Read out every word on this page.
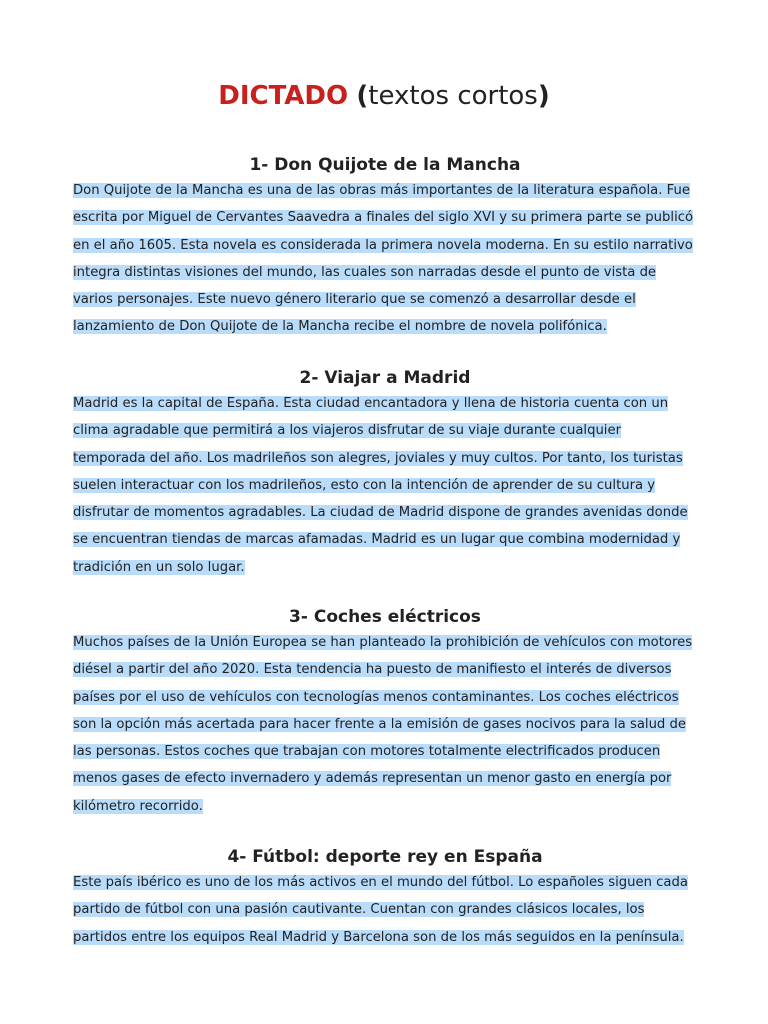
DICTADO (textos cortos)
1- Don Quijote de la Mancha

Don Quijote de la Mancha es una de las obras más importantes de la literatura española. Fue escrita por Miguel de Cervantes Saavedra a finales del siglo XVI y su primera parte se publicó en el año 1605. Esta novela es considerada la primera novela moderna. En su estilo narrativo integra distintas visiones del mundo, las cuales son narradas desde el punto de vista de varios personajes. Este nuevo género literario que se comenzó a desarrollar desde el lanzamiento de Don Quijote de la Mancha recibe el nombre de novela polifónica.

2- Viajar a Madrid

Madrid es la capital de España. Esta ciudad encantadora y llena de historia cuenta con un clima agradable que permitirá a los viajeros disfrutar de su viaje durante cualquier temporada del año. Los madrileños son alegres, joviales y muy cultos. Por tanto, los turistas suelen interactuar con los madrileños, esto con la intención de aprender de su cultura y disfrutar de momentos agradables. La ciudad de Madrid dispone de grandes avenidas donde se encuentran tiendas de marcas afamadas. Madrid es un lugar que combina modernidad y tradición en un solo lugar.

3- Coches eléctricos

Muchos países de la Unión Europea se han planteado la prohibición de vehículos con motores diésel a partir del año 2020. Esta tendencia ha puesto de manifiesto el interés de diversos países por el uso de vehículos con tecnologías menos contaminantes. Los coches eléctricos son la opción más acertada para hacer frente a la emisión de gases nocivos para la salud de las personas. Estos coches que trabajan con motores totalmente electrificados producen menos gases de efecto invernadero y además representan un menor gasto en energía por kilómetro recorrido.

4- Fútbol: deporte rey en España

Este país ibérico es uno de los más activos en el mundo del fútbol. Lo españoles siguen cada partido de fútbol con una pasión cautivante. Cuentan con grandes clásicos locales, los partidos entre los equipos Real Madrid y Barcelona son de los más seguidos en la península.
